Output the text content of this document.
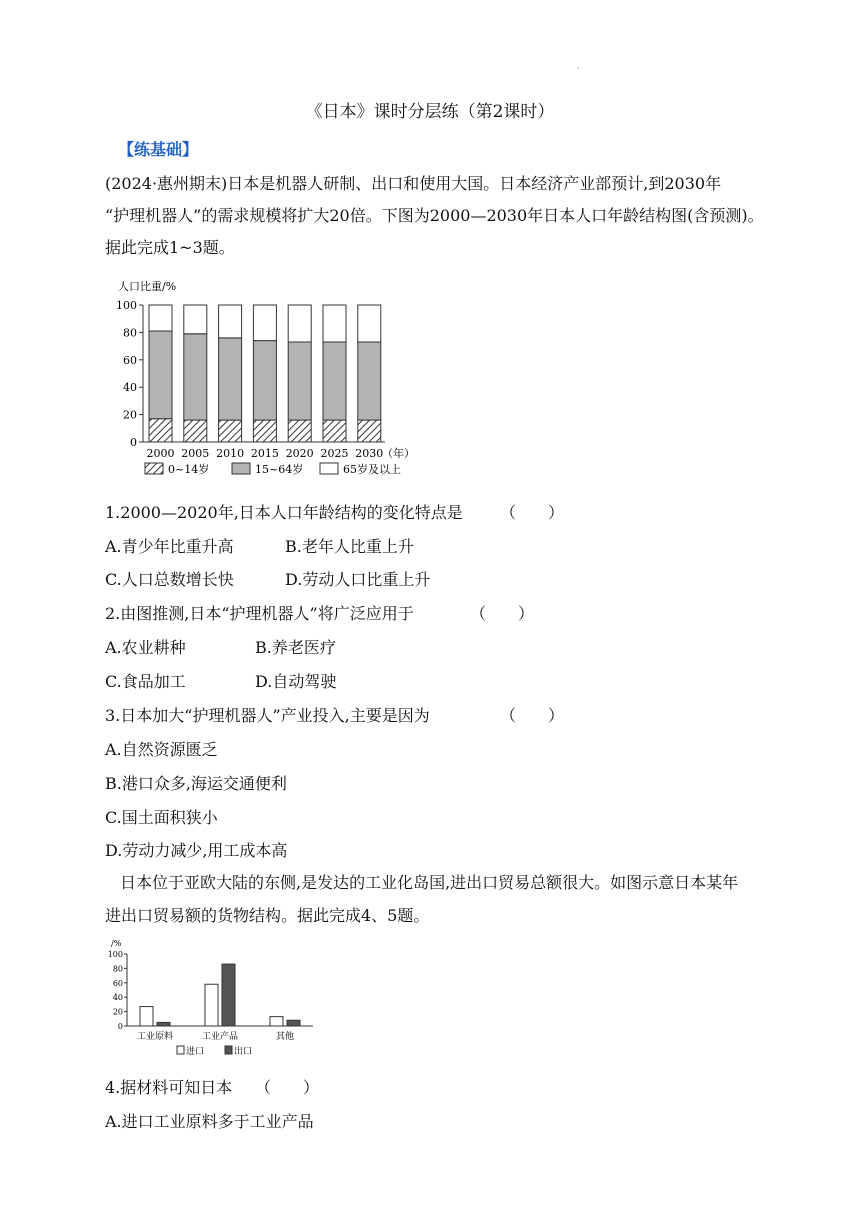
·
《日本》课时分层练（第2课时）
【练基础】
(2024·惠州期末)日本是机器人研制、出口和使用大国。日本经济产业部预计,到2030年
“护理机器人”的需求规模将扩大20倍。下图为2000—2030年日本人口年龄结构图(含预测)。
据此完成1~3题。
人口比重/%
0
20
40
60
80
100
2000 2005 2010 2015 2020 2025 2030
（年）
0~14岁	15~64岁	65岁及以上
1.2000—2020年,日本人口年龄结构的变化特点是 （　　）
A.青少年比重升高	B.老年人比重上升
C.人口总数增长快	D.劳动人口比重上升
2.由图推测,日本“护理机器人”将广泛应用于	（　　）
A.农业耕种	B.养老医疗
C.食品加工	D.自动驾驶
3.日本加大“护理机器人”产业投入,主要是因为	（　　）
A.自然资源匮乏
B.港口众多,海运交通便利
C.国土面积狭小
D.劳动力减少,用工成本高
日本位于亚欧大陆的东侧,是发达的工业化岛国,进出口贸易总额很大。如图示意日本某年
进出口贸易额的货物结构。据此完成4、5题。
/%
0
20
40
60
80
100
工业原料	工业产品	其他
进口	出口
4.据材料可知日本 （　　）
A.进口工业原料多于工业产品
